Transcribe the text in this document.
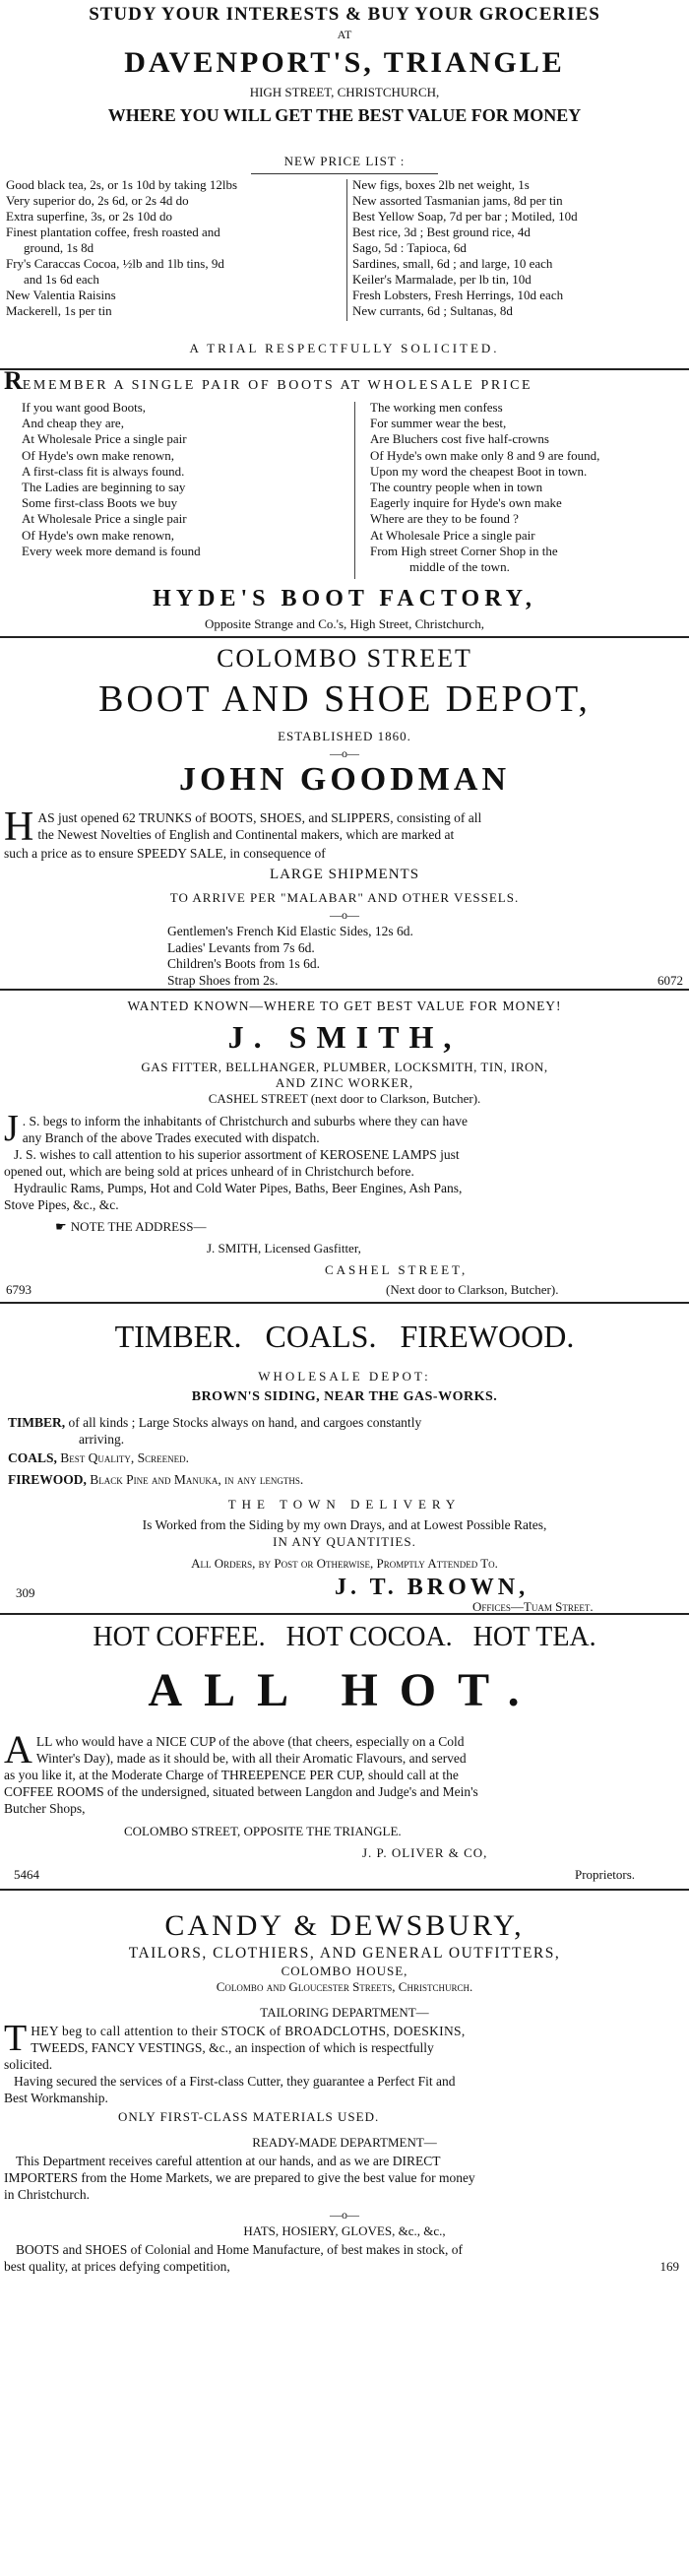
STUDY YOUR INTERESTS & BUY YOUR GROCERIES
AT
DAVENPORT'S, TRIANGLE
HIGH STREET, CHRISTCHURCH,
WHERE YOU WILL GET THE BEST VALUE FOR MONEY
NEW PRICE LIST :
Good black tea, 2s, or 1s 10d by taking 12lbs
Very superior do, 2s 6d, or 2s 4d do
Extra superfine, 3s, or 2s 10d do
Finest plantation coffee, fresh roasted and
ground, 1s 8d
Fry's Caraccas Cocoa, ½lb and 1lb tins, 9d
and 1s 6d each
New Valentia Raisins
Mackerell, 1s per tin
New figs, boxes 2lb net weight, 1s
New assorted Tasmanian jams, 8d per tin
Best Yellow Soap, 7d per bar ; Motiled, 10d
Best rice, 3d ; Best ground rice, 4d
Sago, 5d : Tapioca, 6d
Sardines, small, 6d ; and large, 10 each
Keiler's Marmalade, per lb tin, 10d
Fresh Lobsters, Fresh Herrings, 10d each
New currants, 6d ; Sultanas, 8d
A TRIAL RESPECTFULLY SOLICITED.
REMEMBER A SINGLE PAIR OF BOOTS AT WHOLESALE PRICE
If you want good Boots,
And cheap they are,
At Wholesale Price a single pair
Of Hyde's own make renown,
A first-class fit is always found.
The Ladies are beginning to say
Some first-class Boots we buy
At Wholesale Price a single pair
Of Hyde's own make renown,
Every week more demand is found
The working men confess
For summer wear the best,
Are Bluchers cost five half-crowns
Of Hyde's own make only 8 and 9 are found,
Upon my word the cheapest Boot in town.
The country people when in town
Eagerly inquire for Hyde's own make
Where are they to be found ?
At Wholesale Price a single pair
From High street Corner Shop in the
middle of the town.
HYDE'S BOOT FACTORY,
Opposite Strange and Co.'s, High Street, Christchurch,
COLOMBO STREET
BOOT AND SHOE DEPOT,
ESTABLISHED 1860.
—o—
JOHN GOODMAN
H AS just opened 62 TRUNKS of BOOTS, SHOES, and SLIPPERS, consisting of all
the Newest Novelties of English and Continental makers, which are marked at
such a price as to ensure SPEEDY SALE, in consequence of
LARGE SHIPMENTS
TO ARRIVE PER "MALABAR" AND OTHER VESSELS.
—o—
Gentlemen's French Kid Elastic Sides, 12s 6d.
Ladies' Levants from 7s 6d.
Children's Boots from 1s 6d.
Strap Shoes from 2s.	6072
WANTED KNOWN—WHERE TO GET BEST VALUE FOR MONEY!
J. SMITH,
GAS FITTER, BELLHANGER, PLUMBER, LOCKSMITH, TIN, IRON,
AND ZINC WORKER,
CASHEL STREET (next door to Clarkson, Butcher).
J . S. begs to inform the inhabitants of Christchurch and suburbs where they can have
any Branch of the above Trades executed with dispatch.
J. S. wishes to call attention to his superior assortment of KEROSENE LAMPS just
opened out, which are being sold at prices unheard of in Christchurch before.
Hydraulic Rams, Pumps, Hot and Cold Water Pipes, Baths, Beer Engines, Ash Pans,
Stove Pipes, &c., &c.
☛ NOTE THE ADDRESS—
J. SMITH, Licensed Gasfitter,
CASHEL STREET,
6793	(Next door to Clarkson, Butcher).
TIMBER.   COALS.   FIREWOOD.
WHOLESALE DEPOT:
BROWN'S SIDING, NEAR THE GAS-WORKS.
TIMBER, of all kinds ; Large Stocks always on hand, and cargoes constantly
arriving.
COALS, Best Quality, Screened.
FIREWOOD, Black Pine and Manuka, in any lengths.
THE TOWN DELIVERY
Is Worked from the Siding by my own Drays, and at Lowest Possible Rates,
IN ANY QUANTITIES.
All Orders, by Post or Otherwise, Promptly Attended To.
J. T. BROWN,
309
Offices—Tuam Street.
HOT COFFEE.   HOT COCOA.   HOT TEA.
ALL HOT.
A LL who would have a NICE CUP of the above (that cheers, especially on a Cold
Winter's Day), made as it should be, with all their Aromatic Flavours, and served
as you like it, at the Moderate Charge of THREEPENCE PER CUP, should call at the
COFFEE ROOMS of the undersigned, situated between Langdon and Judge's and Mein's
Butcher Shops,
COLOMBO STREET, OPPOSITE THE TRIANGLE.
J. P. OLIVER & CO,
5464	Proprietors.
CANDY & DEWSBURY,
TAILORS, CLOTHIERS, AND GENERAL OUTFITTERS,
COLOMBO HOUSE,
Colombo and Gloucester Streets, Christchurch.
TAILORING DEPARTMENT—
T HEY beg to call attention to their STOCK of BROADCLOTHS, DOESKINS,
TWEEDS, FANCY VESTINGS, &c., an inspection of which is respectfully
solicited.
Having secured the services of a First-class Cutter, they guarantee a Perfect Fit and
Best Workmanship.
ONLY FIRST-CLASS MATERIALS USED.
READY-MADE DEPARTMENT—
This Department receives careful attention at our hands, and as we are DIRECT
IMPORTERS from the Home Markets, we are prepared to give the best value for money
in Christchurch.
—o—
HATS, HOSIERY, GLOVES, &c., &c.,
BOOTS and SHOES of Colonial and Home Manufacture, of best makes in stock, of
best quality, at prices defying competition,	169
